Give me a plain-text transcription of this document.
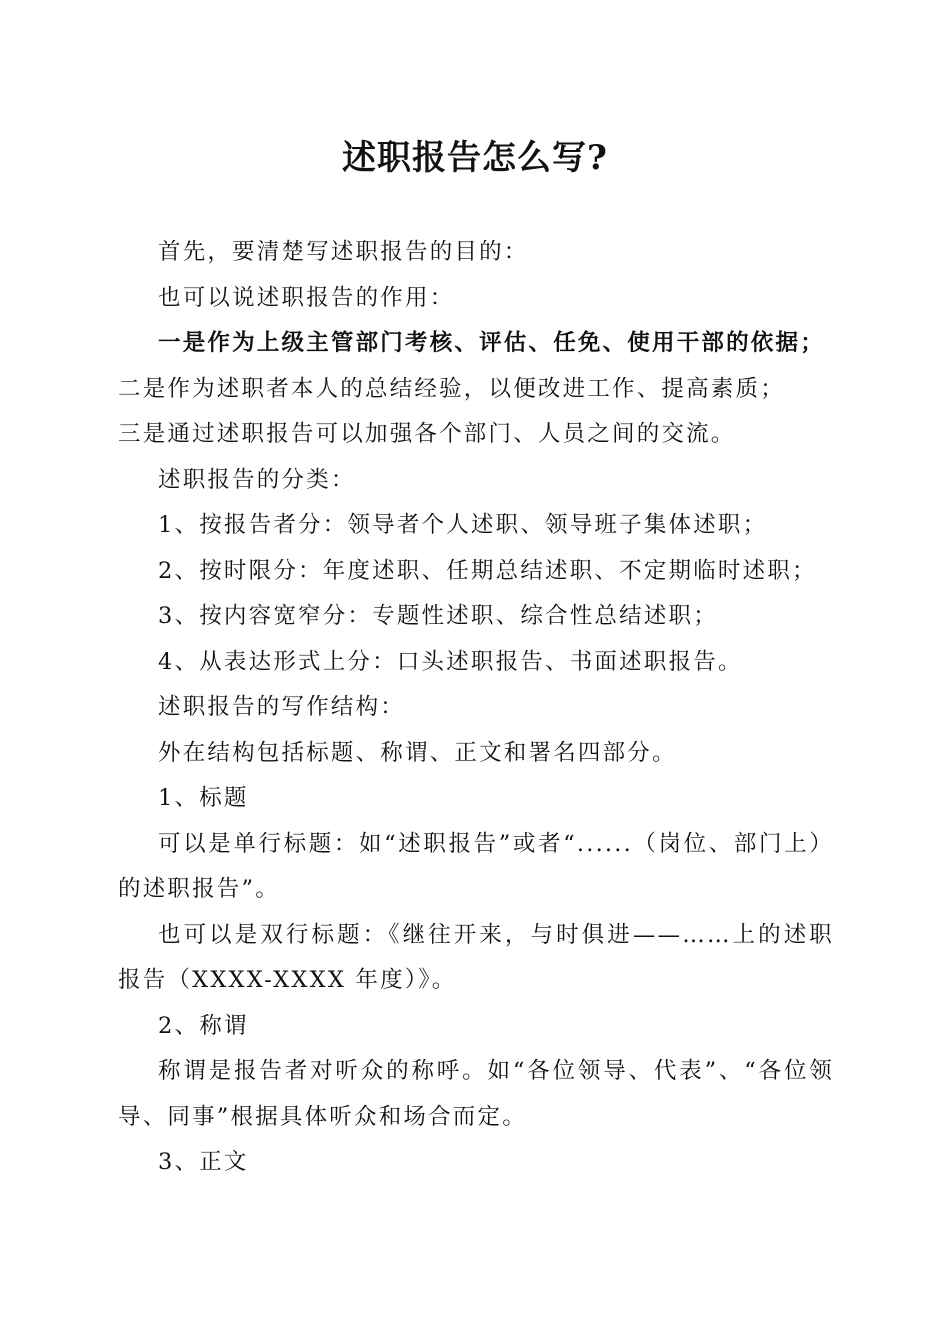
述职报告怎么写?

首先，要清楚写述职报告的目的：

也可以说述职报告的作用：

一是作为上级主管部门考核、评估、任免、使用干部的依据；

二是作为述职者本人的总结经验，以便改进工作、提高素质；

三是通过述职报告可以加强各个部门、人员之间的交流。

述职报告的分类：

1、按报告者分：领导者个人述职、领导班子集体述职；

2、按时限分：年度述职、任期总结述职、不定期临时述职；

3、按内容宽窄分：专题性述职、综合性总结述职；

4、从表达形式上分：口头述职报告、书面述职报告。

述职报告的写作结构：

外在结构包括标题、称谓、正文和署名四部分。

1、标题

可以是单行标题：如“述职报告”或者“......（岗位、部门上）的述职报告”。

也可以是双行标题：《继往开来，与时俱进——……上的述职报告（XXXX-XXXX 年度）》。

2、称谓

称谓是报告者对听众的称呼。如“各位领导、代表”、“各位领导、同事”根据具体听众和场合而定。

3、正文
